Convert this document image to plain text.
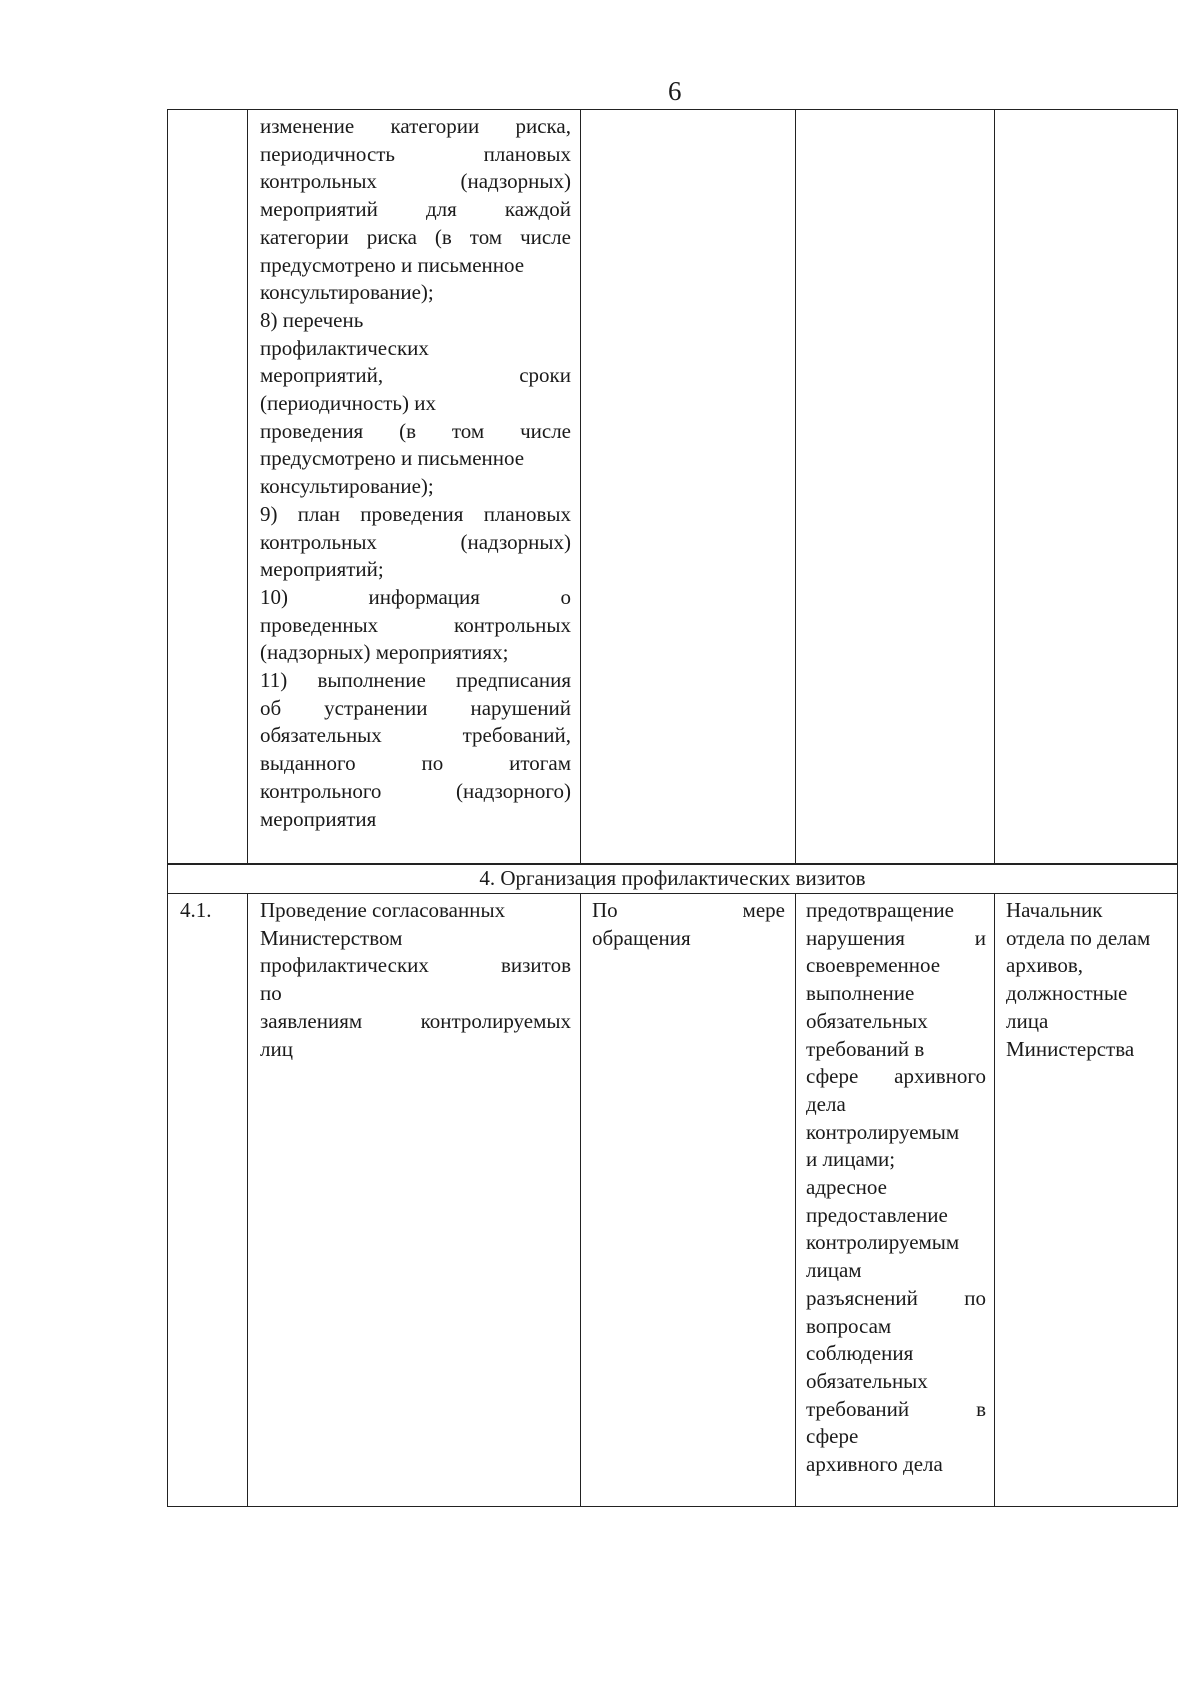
6
изменение категории риска,
периодичность плановых
контрольных (надзорных)
мероприятий для каждой
категории риска (в том числе
предусмотрено и письменное
консультирование);
8) перечень
профилактических
мероприятий, сроки
(периодичность) их
проведения (в том числе
предусмотрено и письменное
консультирование);
9) план проведения плановых
контрольных (надзорных)
мероприятий;
10) информация о
проведенных контрольных
(надзорных) мероприятиях;
11) выполнение предписания
об устранении нарушений
обязательных требований,
выданного по итогам
контрольного (надзорного)
мероприятия
4. Организация профилактических визитов
4.1.	Проведение согласованных
Министерством
профилактических визитов
по
заявлениям контролируемых
лиц
По мере
обращения
предотвращение
нарушения и
своевременное
выполнение
обязательных
требований в
сфере архивного
дела
контролируемым
и лицами;
адресное
предоставление
контролируемым
лицам
разъяснений по
вопросам
соблюдения
обязательных
требований в
сфере
архивного дела
Начальник
отдела по делам
архивов,
должностные
лица
Министерства
